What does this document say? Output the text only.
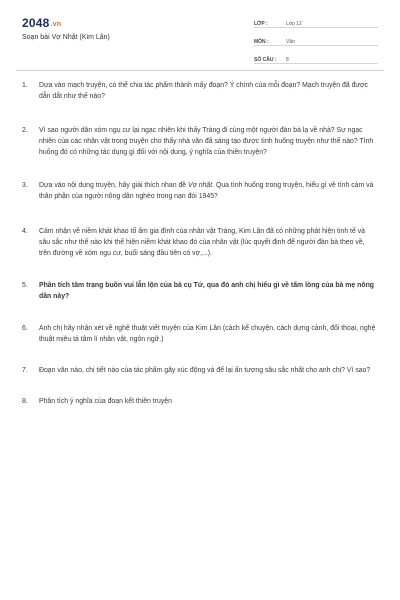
2048.vn
Soạn bài Vợ Nhặt (Kim Lân)
LỚP :	Lớp 12
MÔN :	Văn
SỐ CÂU :	8
1.	Dựa vào mạch truyện, có thể chia tác phẩm thành mấy đoạn? Ý chính của mỗi đoạn? Mạch truyện đã được dẫn dắt như thế nào?
2.	Vì sao người dân xóm ngụ cư lại ngạc nhiên khi thấy Tràng đi cùng một người đàn bà lạ về nhà? Sự ngạc nhiên của các nhân vật trong truyện cho thấy nhà văn đã sáng tạo được tình huống truyện như thế nào? Tình huống đó có những tác dụng gì đối với nội dung, ý nghĩa của thiên truyện?
3.	Dựa vào nội dung truyện, hãy giải thích nhan đề Vợ nhặt. Qua tình huống trong truyện, hiểu gì về tình cảm và thân phận của người nông dân nghèo trong nạn đói 1945?
4.	Cảm nhận về niềm khát khao tổ ấm gia đình của nhân vật Tràng, Kim Lân đã có những phát hiện tinh tế và sâu sắc như thế nào khi thể hiện niềm khát khao đó của nhân vật (lúc quyết định để người đàn bà theo về, trên đường về xóm ngụ cư, buổi sáng đầu tiên có vợ,...).
5.	Phân tích tâm trạng buồn vui lẫn lộn của bà cụ Tứ, qua đó anh chị hiểu gì về tấm lòng của bà mẹ nông dân này?
6.	Anh chị hãy nhận xét về nghệ thuật viết truyện của Kim Lân (cách kể chuyện, cách dựng cảnh, đối thoại, nghệ thuật miêu tả tâm lí nhân vật, ngôn ngữ.)
7.	Đoạn văn nào, chi tiết nào của tác phẩm gây xúc động và để lại ấn tượng sâu sắc nhất cho anh chị? Vì sao?
8.	Phân tích ý nghĩa của đoạn kết thiên truyện
